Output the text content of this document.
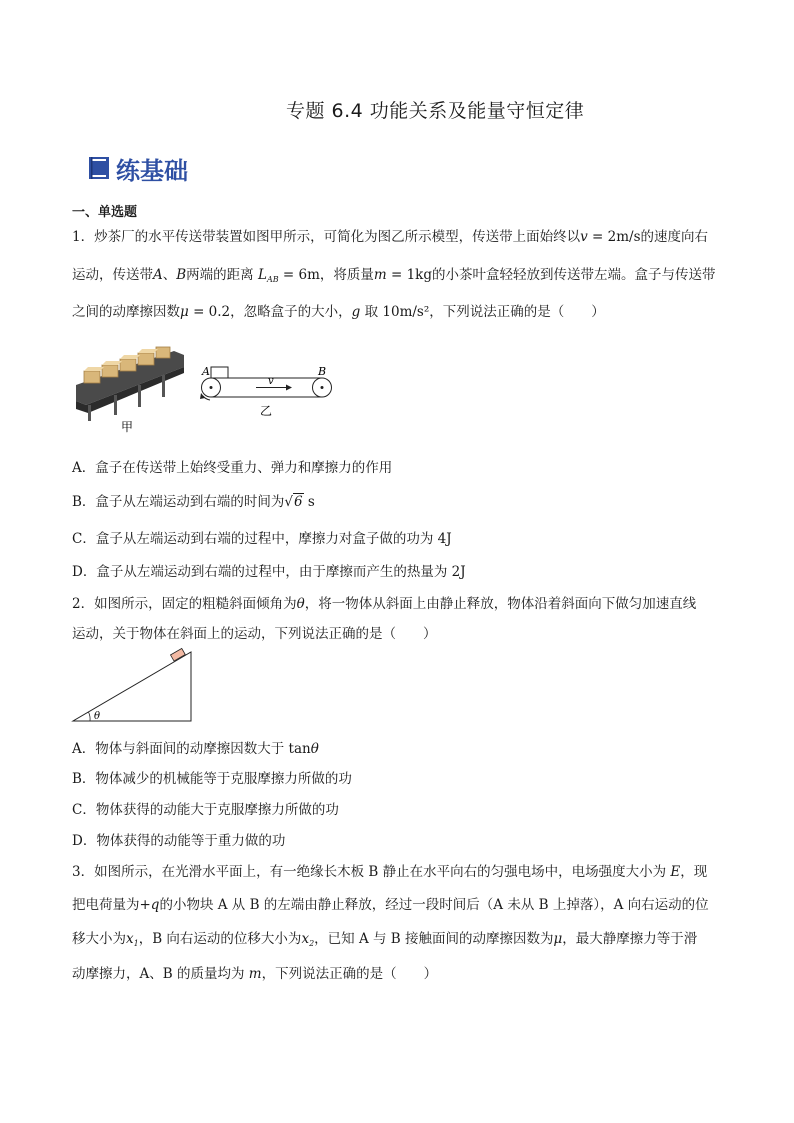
专题 6.4 功能关系及能量守恒定律
练基础
一、单选题
1．炒茶厂的水平传送带装置如图甲所示，可简化为图乙所示模型，传送带上面始终以v = 2m/s的速度向右
运动，传送带A、B两端的距离 $L_{AB} = 6m$，将质量m = 1kg的小茶叶盒轻轻放到传送带左端。盒子与传送带
之间的动摩擦因数μ = 0.2，忽略盒子的大小，g 取 10m/s²，下列说法正确的是（　　）
甲
A	B
v
乙
A．盒子在传送带上始终受重力、弹力和摩擦力的作用
B．盒子从左端运动到右端的时间为√6 s
C．盒子从左端运动到右端的过程中，摩擦力对盒子做的功为 4J
D．盒子从左端运动到右端的过程中，由于摩擦而产生的热量为 2J
2．如图所示，固定的粗糙斜面倾角为θ，将一物体从斜面上由静止释放，物体沿着斜面向下做匀加速直线
运动，关于物体在斜面上的运动，下列说法正确的是（　　）
θ
A．物体与斜面间的动摩擦因数大于 tanθ
B．物体减少的机械能等于克服摩擦力所做的功
C．物体获得的动能大于克服摩擦力所做的功
D．物体获得的动能等于重力做的功
3．如图所示，在光滑水平面上，有一绝缘长木板 B 静止在水平向右的匀强电场中，电场强度大小为 E，现
把电荷量为+q的小物块 A 从 B 的左端由静止释放，经过一段时间后（A 未从 B 上掉落），A 向右运动的位
移大小为$x_1$，B 向右运动的位移大小为$x_2$，已知 A 与 B 接触面间的动摩擦因数为μ，最大静摩擦力等于滑
动摩擦力，A、B 的质量均为 m，下列说法正确的是（　　）
